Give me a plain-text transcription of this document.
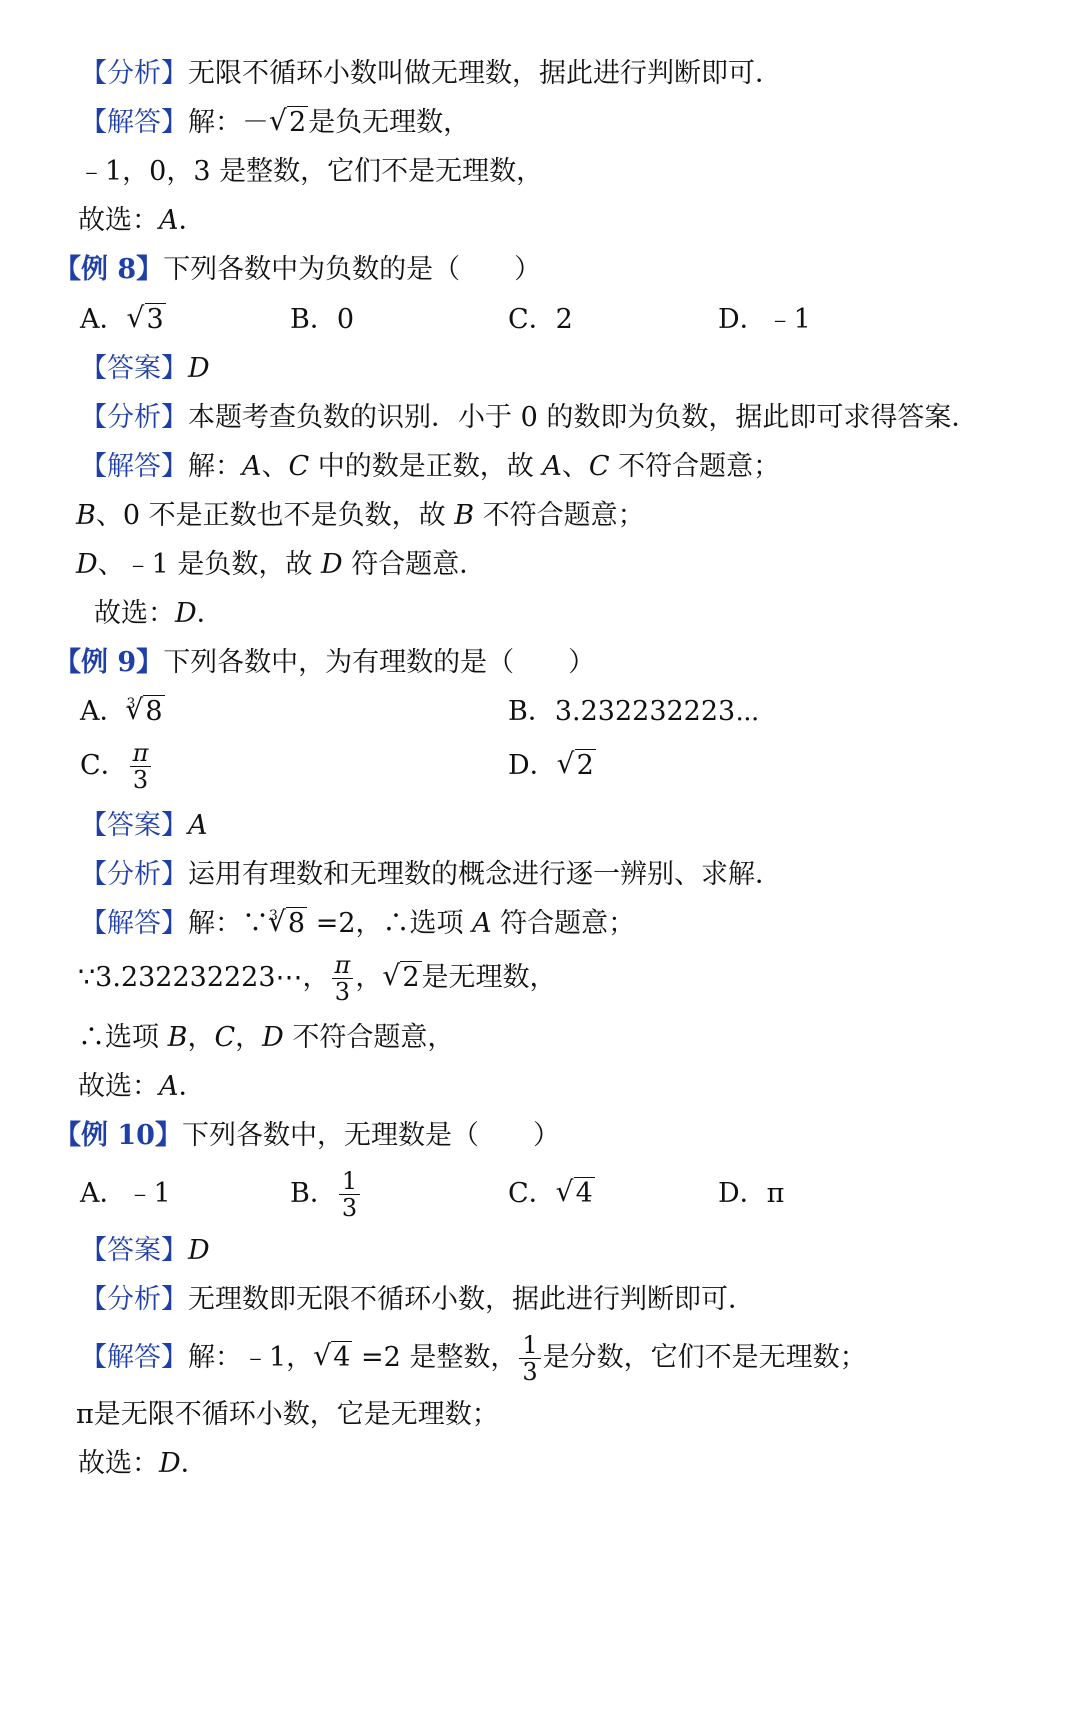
【分析】无限不循环小数叫做无理数，据此进行判断即可．
【解答】解：－ √ 2是负无理数，
﹣1，0，3 是整数，它们不是无理数，
故选：A．
【例 8】下列各数中为负数的是（　　）
A． √ 3	B．0	C．2	D．﹣1
【答案】D
【分析】本题考查负数的识别．小于 0 的数即为负数，据此即可求得答案．
【解答】解：A、C 中的数是正数，故 A、C 不符合题意；
B、0 不是正数也不是负数，故 B 不符合题意；
D、﹣1 是负数，故 D 符合题意．
故选：D．
【例 9】下列各数中，为有理数的是（　　）
A．$^3$ √ 8	B．3.232232223⋯
C． $\frac{\pi}{3}$	D． √ 2
【答案】A
【分析】运用有理数和无理数的概念进行逐一辨别、求解．
【解答】解：∵$^3$ √ 8 =2，∴选项 A 符合题意；
∵3.232232223⋯， $\frac{\pi}{3}$ ， √ 2是无理数，
∴选项 B，C，D 不符合题意，
故选：A．
【例 10】下列各数中，无理数是（　　）
A．﹣1	B． $\frac{1}{3}$	C． √ 4	D．π
【答案】D
【分析】无理数即无限不循环小数，据此进行判断即可．
【解答】解：﹣1， √ 4 =2 是整数， $\frac{1}{3}$ 是分数，它们不是无理数；
π是无限不循环小数，它是无理数；
故选：D．
